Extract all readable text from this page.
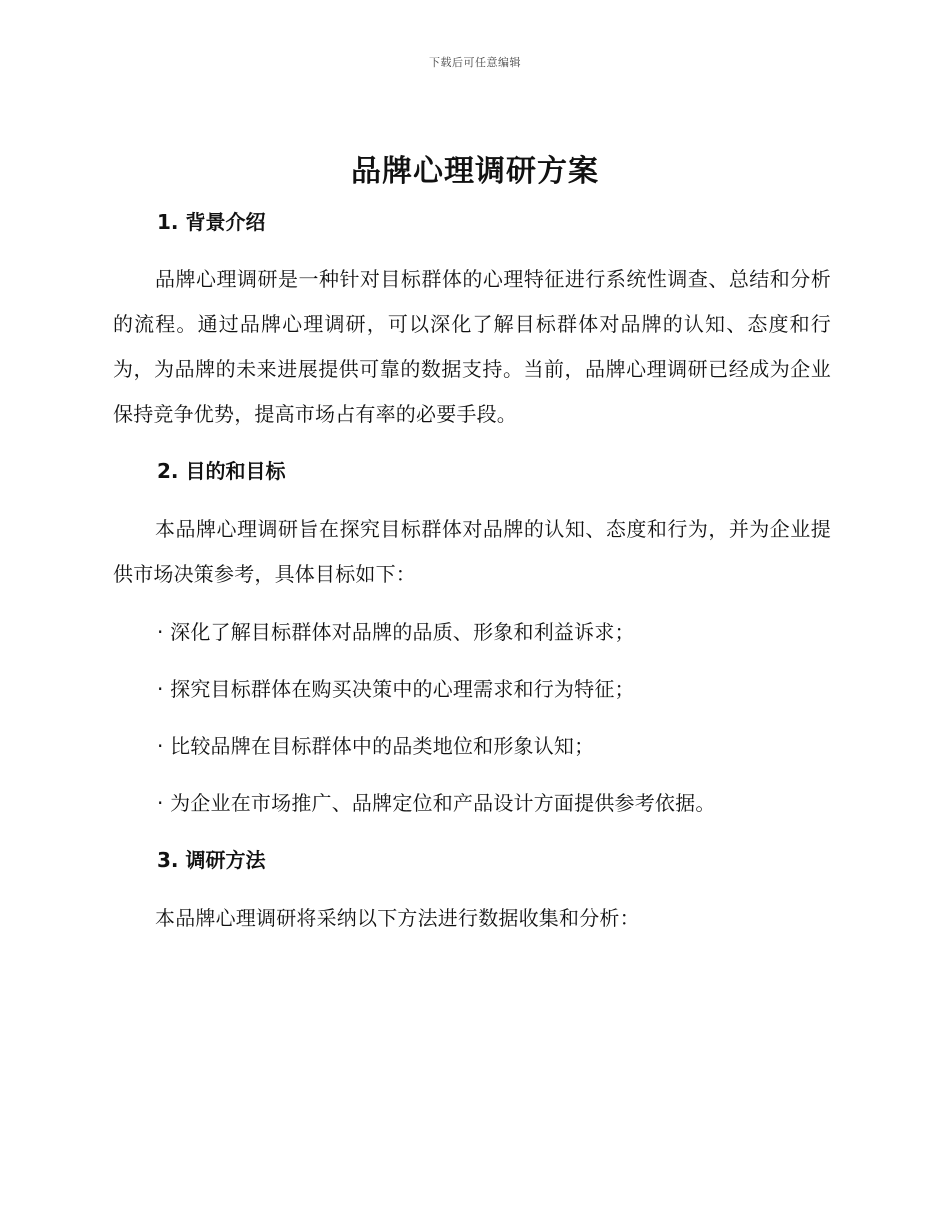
下载后可任意编辑
品牌心理调研方案
1. 背景介绍

品牌心理调研是一种针对目标群体的心理特征进行系统性调查、总结和分析的流程。通过品牌心理调研，可以深化了解目标群体对品牌的认知、态度和行为，为品牌的未来进展提供可靠的数据支持。当前，品牌心理调研已经成为企业保持竞争优势，提高市场占有率的必要手段。

2. 目的和目标

本品牌心理调研旨在探究目标群体对品牌的认知、态度和行为，并为企业提供市场决策参考，具体目标如下：

· 深化了解目标群体对品牌的品质、形象和利益诉求；

· 探究目标群体在购买决策中的心理需求和行为特征；

· 比较品牌在目标群体中的品类地位和形象认知；

· 为企业在市场推广、品牌定位和产品设计方面提供参考依据。

3. 调研方法

本品牌心理调研将采纳以下方法进行数据收集和分析：
